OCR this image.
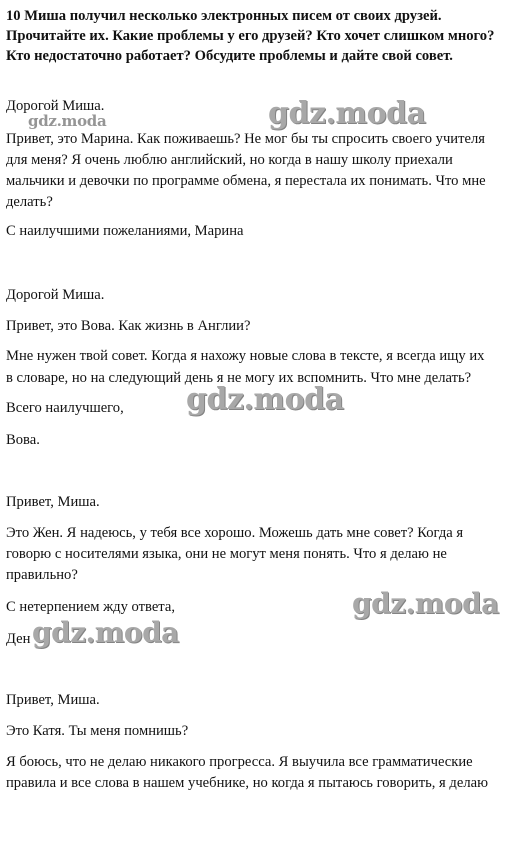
10 Миша получил несколько электронных писем от своих друзей. Прочитайте их. Какие проблемы у его друзей? Кто хочет слишком много? Кто недостаточно работает? Обсудите проблемы и дайте свой совет.

Дорогой Миша.

Привет, это Марина. Как поживаешь? Не мог бы ты спросить своего учителя

для меня? Я очень люблю английский, но когда в нашу школу приехали

мальчики и девочки по программе обмена, я перестала их понимать. Что мне

делать?

С наилучшими пожеланиями, Марина

Дорогой Миша.

Привет, это Вова. Как жизнь в Англии?

Мне нужен твой совет. Когда я нахожу новые слова в тексте, я всегда ищу их

в словаре, но на следующий день я не могу их вспомнить. Что мне делать?

Всего наилучшего,

Вова.

Привет, Миша.

Это Жен. Я надеюсь, у тебя все хорошо. Можешь дать мне совет? Когда я

говорю с носителями языка, они не могут меня понять. Что я делаю не

правильно?

С нетерпением жду ответа,

Ден

Привет, Миша.

Это Катя. Ты меня помнишь?

Я боюсь, что не делаю никакого прогресса. Я выучила все грамматические

правила и все слова в нашем учебнике, но когда я пытаюсь говорить, я делаю

gdz.moda
gdz.moda
gdz.moda
gdz.moda
gdz.moda
